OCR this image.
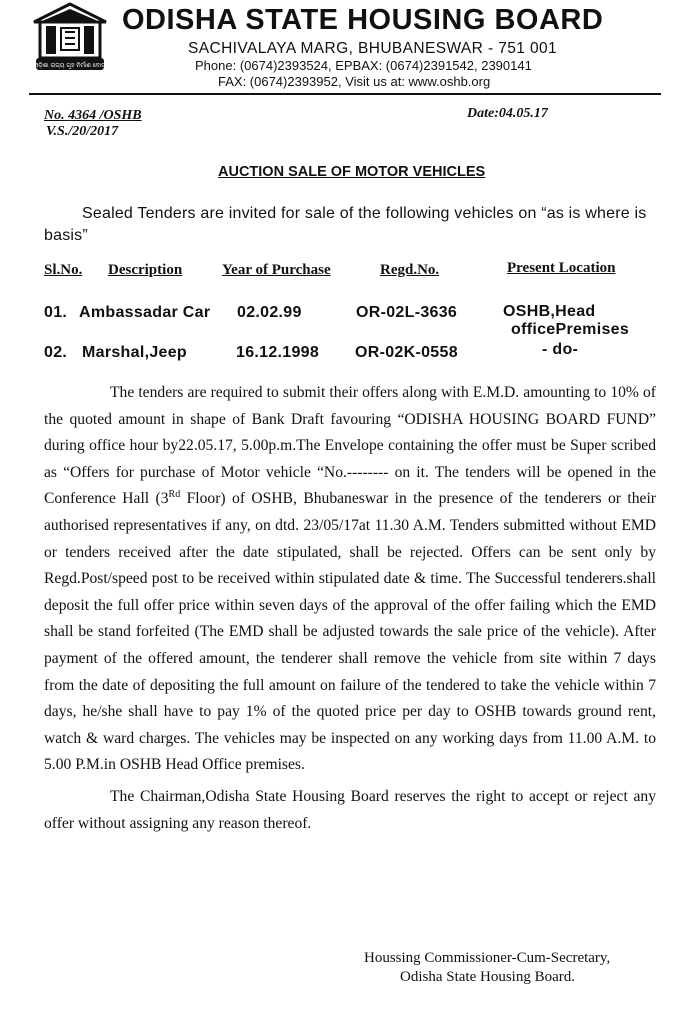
ଓଡ଼ିଶା ରାଜ୍ୟ ଗୃହ ନିର୍ମାଣ ବୋର୍ଡ
ODISHA STATE HOUSING BOARD
SACHIVALAYA MARG, BHUBANESWAR - 751 001
Phone: (0674)2393524, EPBAX: (0674)2391542, 2390141
FAX: (0674)2393952, Visit us at: www.oshb.org
No. 4364 /OSHB
V.S./20/2017
Date:04.05.17
AUCTION SALE OF MOTOR VEHICLES
Sealed Tenders are invited for sale of the following vehicles on “as is where is basis”
Sl.No. Description	Year of Purchase	Regd.No.	Present Location
01. Ambassadar Car 02.02.99	OR-02L-3636	OSHB,Head
officePremises
02. Marshal,Jeep	16.12.1998 OR-02K-0558	- do-

The tenders are required to submit their offers along with E.M.D. amounting to 10% of the quoted amount in shape of Bank Draft favouring “ODISHA HOUSING BOARD FUND” during office hour by22.05.17, 5.00p.m.The Envelope containing the offer must be Super scribed as “Offers for purchase of Motor vehicle “No.-------- on it. The tenders will be opened in the Conference Hall (3Rd Floor) of OSHB, Bhubaneswar in the presence of the tenderers or their authorised representatives if any, on dtd. 23/05/17at 11.30 A.M. Tenders submitted without EMD or tenders received after the date stipulated, shall be rejected. Offers can be sent only by Regd.Post/speed post to be received within stipulated date & time. The Successful tenderers.shall deposit the full offer price within seven days of the approval of the offer failing which the EMD shall be stand forfeited (The EMD shall be adjusted towards the sale price of the vehicle). After payment of the offered amount, the tenderer shall remove the vehicle from site within 7 days from the date of depositing the full amount on failure of the tendered to take the vehicle within 7 days, he/she shall have to pay 1% of the quoted price per day to OSHB towards ground rent, watch & ward charges. The vehicles may be inspected on any working days from 11.00 A.M. to 5.00 P.M.in OSHB Head Office premises.

The Chairman,Odisha State Housing Board reserves the right to accept or reject any offer without assigning any reason thereof.

Houssing Commissioner-Cum-Secretary,
Odisha State Housing Board.
